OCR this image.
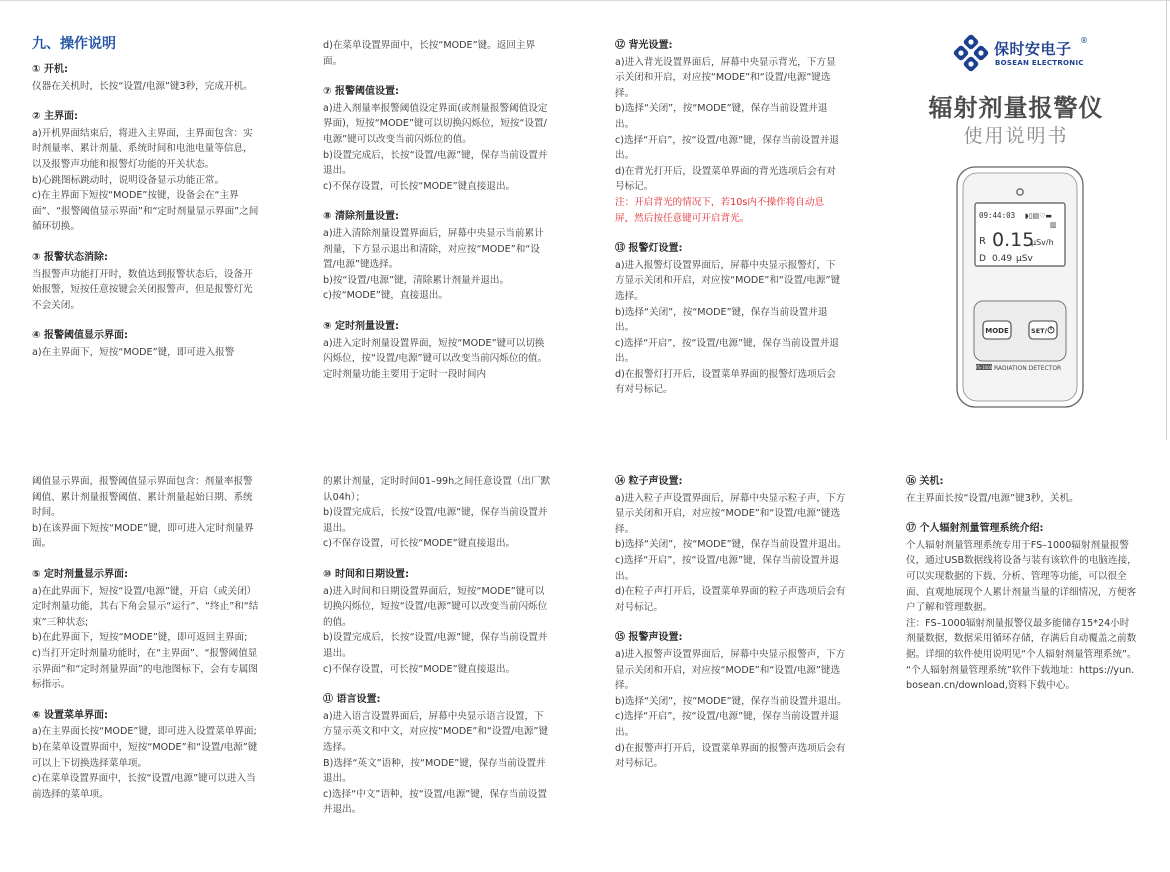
九、操作说明
① 开机:

仪器在关机时，长按“设置/电源”键3秒，完成开机。

② 主界面:

a)开机界面结束后，将进入主界面，主界面包含：实时剂量率、累计剂量、系统时间和电池电量等信息，以及报警声功能和报警灯功能的开关状态。

b)心跳图标跳动时，说明设备显示功能正常。

c)在主界面下短按“MODE”按键，设备会在“主界面”、“报警阈值显示界面”和“定时剂量显示界面”之间循环切换。

③ 报警状态消除:

当报警声功能打开时，数值达到报警状态后，设备开始报警，短按任意按键会关闭报警声，但是报警灯光不会关闭。

④ 报警阈值显示界面:

a)在主界面下，短按“MODE”键，即可进入报警

d)在菜单设置界面中，长按“MODE”键。返回主界面。

⑦ 报警阈值设置:

a)进入剂量率报警阈值设定界面(或剂量报警阈值设定界面)，短按“MODE”键可以切换闪烁位，短按“设置/电源”键可以改变当前闪烁位的值。

b)设置完成后，长按“设置/电源”键，保存当前设置并退出。

c)不保存设置，可长按“MODE”键直接退出。

⑧ 清除剂量设置:

a)进入清除剂量设置界面后，屏幕中央显示当前累计剂量，下方显示退出和清除，对应按“MODE”和“设置/电源”键选择。

b)按“设置/电源”键，清除累计剂量并退出。

c)按“MODE”键，直接退出。

⑨ 定时剂量设置:

a)进入定时剂量设置界面，短按“MODE”键可以切换闪烁位，按“设置/电源”键可以改变当前闪烁位的值。定时剂量功能主要用于定时一段时间内

⑫ 背光设置:

a)进入背光设置界面后，屏幕中央显示背光，下方显示关闭和开启，对应按“MODE”和“设置/电源”键选择。

b)选择“关闭”，按“MODE”键，保存当前设置并退出。

c)选择“开启”，按“设置/电源”键，保存当前设置并退出。

d)在背光打开后，设置菜单界面的背光选项后会有对号标记。

注：开启背光的情况下，若10s内不操作将自动息屏，然后按任意键可开启背光。

⑬ 报警灯设置:

a)进入报警灯设置界面后，屏幕中央显示报警灯，下方显示关闭和开启，对应按“MODE”和“设置/电源”键选择。

b)选择“关闭”，按“MODE”键，保存当前设置并退出。

c)选择“开启”，按“设置/电源”键，保存当前设置并退出。

d)在报警灯打开后，设置菜单界面的报警灯选项后会有对号标记。

保时安电子 ®
BOSEAN ELECTRONIC
辐射剂量报警仪
使用说明书
09:44:03 ◗▯▤♡▬
▥
R 0.15
μSv/h
D 0.49 μSv
MODE	SET/
FS-1000 RADIATION DETECTOR

阈值显示界面，报警阈值显示界面包含：剂量率报警阈值、累计剂量报警阈值、累计剂量起始日期、系统时间。

b)在该界面下短按“MODE”键，即可进入定时剂量界面。

⑤ 定时剂量显示界面:

a)在此界面下，短按“设置/电源”键，开启（或关闭）定时剂量功能，其右下角会显示“运行”、“终止”和“结束”三种状态;

b)在此界面下，短按“MODE”键，即可返回主界面;

c)当打开定时剂量功能时，在“主界面”、“报警阈值显示界面”和“定时剂量界面”的电池图标下，会有专属图标指示。

⑥ 设置菜单界面:

a)在主界面长按“MODE”键，即可进入设置菜单界面;

b)在菜单设置界面中，短按“MODE”和“设置/电源”键可以上下切换选择菜单项。

c)在菜单设置界面中，长按“设置/电源”键可以进入当前选择的菜单项。

的累计剂量，定时时间01–99h之间任意设置（出厂默认04h）；

b)设置完成后，长按“设置/电源”键，保存当前设置并退出。

c)不保存设置，可长按“MODE”键直接退出。

⑩ 时间和日期设置:

a)进入时间和日期设置界面后，短按“MODE”键可以切换闪烁位，短按“设置/电源”键可以改变当前闪烁位的值。

b)设置完成后，长按“设置/电源”键，保存当前设置并退出。

c)不保存设置，可长按“MODE”键直接退出。

⑪ 语言设置:

a)进入语言设置界面后，屏幕中央显示语言设置，下方显示英文和中文，对应按“MODE”和“设置/电源”键选择。

B)选择“英文”语种，按“MODE”键，保存当前设置并退出。

c)选择“中文”语种，按“设置/电源”键，保存当前设置并退出。

⑭ 粒子声设置:

a)进入粒子声设置界面后，屏幕中央显示粒子声，下方显示关闭和开启，对应按“MODE”和“设置/电源”键选择。

b)选择“关闭”，按“MODE”键，保存当前设置并退出。

c)选择“开启”，按“设置/电源”键，保存当前设置并退出。

d)在粒子声打开后，设置菜单界面的粒子声选项后会有对号标记。

⑮ 报警声设置:

a)进入报警声设置界面后，屏幕中央显示报警声，下方显示关闭和开启，对应按“MODE”和“设置/电源”键选择。

b)选择“关闭”，按“MODE”键，保存当前设置并退出。

c)选择“开启”，按“设置/电源”键，保存当前设置并退出。

d)在报警声打开后，设置菜单界面的报警声选项后会有对号标记。

⑯ 关机:

在主界面长按“设置/电源”键3秒，关机。

⑰ 个人辐射剂量管理系统介绍:

个人辐射剂量管理系统专用于FS–1000辐射剂量报警仪，通过USB数据线将设备与装有该软件的电脑连接，可以实现数据的下载、分析、管理等功能，可以很全面、直观地展现个人累计剂量当量的详细情况，方便客户了解和管理数据。

注：FS–1000辐射剂量报警仪最多能储存15*24小时剂量数据，数据采用循环存储，存满后自动覆盖之前数据。详细的软件使用说明见“个人辐射剂量管理系统”。

“个人辐射剂量管理系统”软件下载地址：https://yun.bosean.cn/download,资料下载中心。
